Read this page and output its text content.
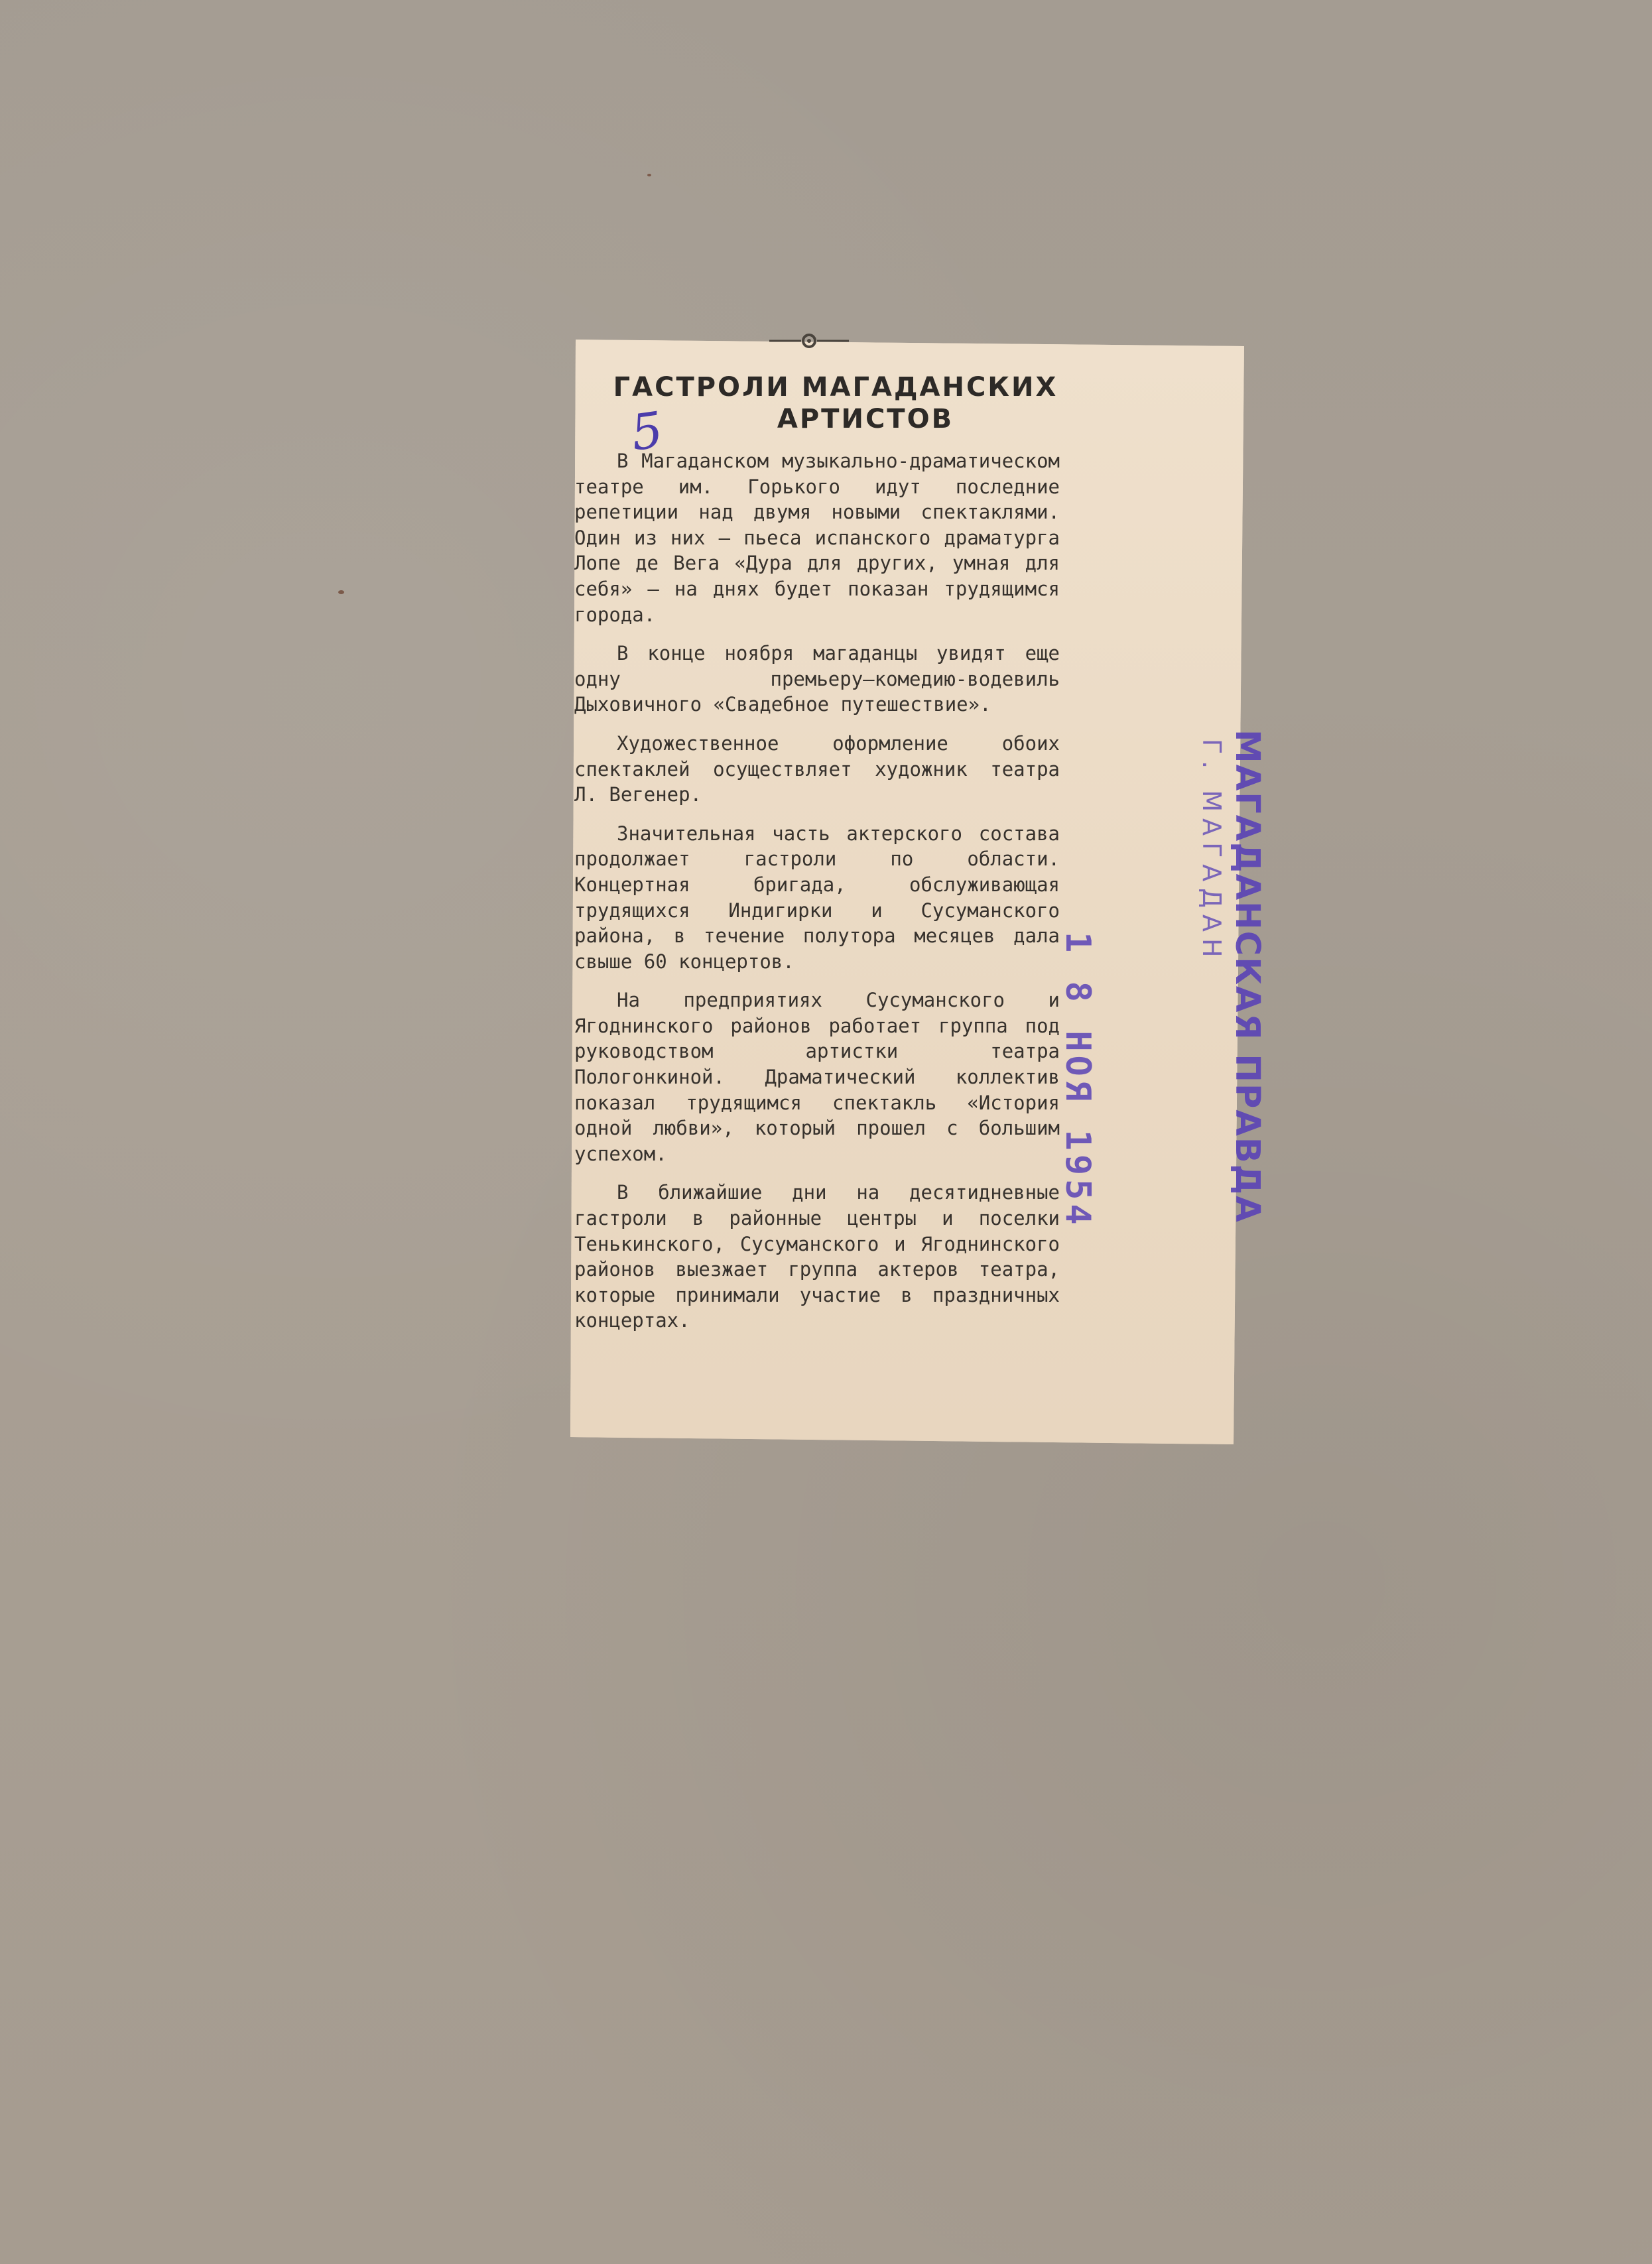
ГАСТРОЛИ МАГАДАНСКИХ
АРТИСТОВ
5

В Магаданском музыкально-драматическом театре им. Горького идут последние репетиции над двумя новыми спектаклями. Один из них — пьеса испанского драматурга Лопе де Вега «Дура для других, умная для себя» — на днях будет показан трудящимся города.

В конце ноября магаданцы увидят еще одну премьеру—комедию-водевиль Дыховичного «Свадебное путешествие».

Художественное оформление обоих спектаклей осуществляет художник театра Л. Вегенер.

Значительная часть актерского состава продолжает гастроли по области. Концертная бригада, обслуживающая трудящихся Индигирки и Сусуманского района, в течение полутора месяцев дала свыше 60 концертов.

На предприятиях Сусуманского и Ягоднинского районов работает группа под руководством артистки театра Пологонкиной. Драматический коллектив показал трудящимся спектакль «История одной любви», который прошел с большим успехом.

В ближайшие дни на десятидневные гастроли в районные центры и поселки Тенькинского, Сусуманского и Ягоднинского районов выезжает группа актеров театра, которые принимали участие в праздничных концертах.

МАГАДАНСКАЯ ПРАВДА
Г. МАГАДАН
1 8 НОЯ 1954
